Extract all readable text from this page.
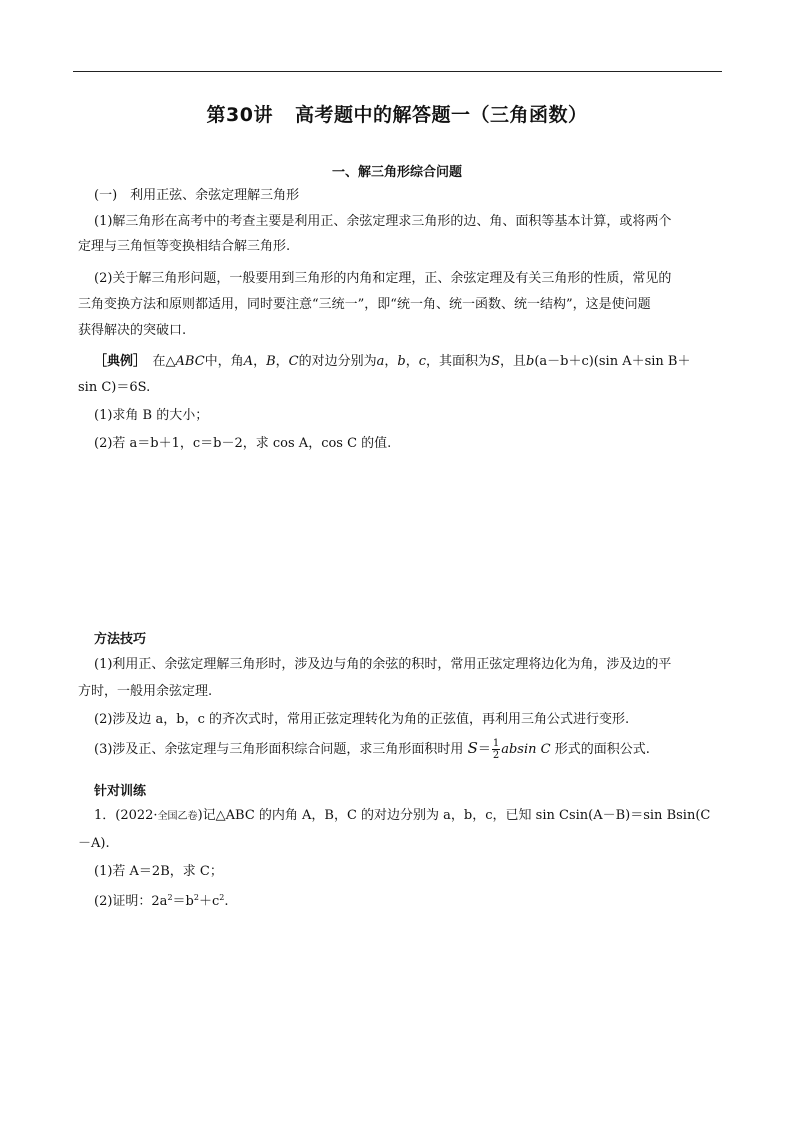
第30讲 高考题中的解答题一（三角函数）
一、解三角形综合问题
(一)　利用正弦、余弦定理解三角形
(1)解三角形在高考中的考查主要是利用正、余弦定理求三角形的边、角、面积等基本计算，或将两个
定理与三角恒等变换相结合解三角形.
(2)关于解三角形问题，一般要用到三角形的内角和定理，正、余弦定理及有关三角形的性质，常见的
三角变换方法和原则都适用，同时要注意“三统一”，即“统一角、统一函数、统一结构”，这是使问题
获得解决的突破口.
［典例］　 在△ABC中，角A，B，C的对边分别为a，b，c，其面积为S，且b(a－b＋c)(sin A＋sin B＋
sin C)＝6S.
(1)求角 B 的大小；
(2)若 a＝b＋1，c＝b－2，求 cos A，cos C 的值.
方法技巧
(1)利用正、余弦定理解三角形时，涉及边与角的余弦的积时，常用正弦定理将边化为角，涉及边的平
方时，一般用余弦定理.
(2)涉及边 a，b，c 的齐次式时，常用正弦定理转化为角的正弦值，再利用三角公式进行变形.
(3)涉及正、余弦定理与三角形面积综合问题，求三角形面积时用 $S= \frac{1}{2}$ absin C 形式的面积公式.
针对训练
1．(2022·全国乙卷)记△ABC 的内角 A，B，C 的对边分别为 a，b，c，已知 sin Csin(A－B)＝sin Bsin(C
－A).
(1)若 A＝2B，求 C；
(2)证明：$2a^2=b^2+c^2$.
